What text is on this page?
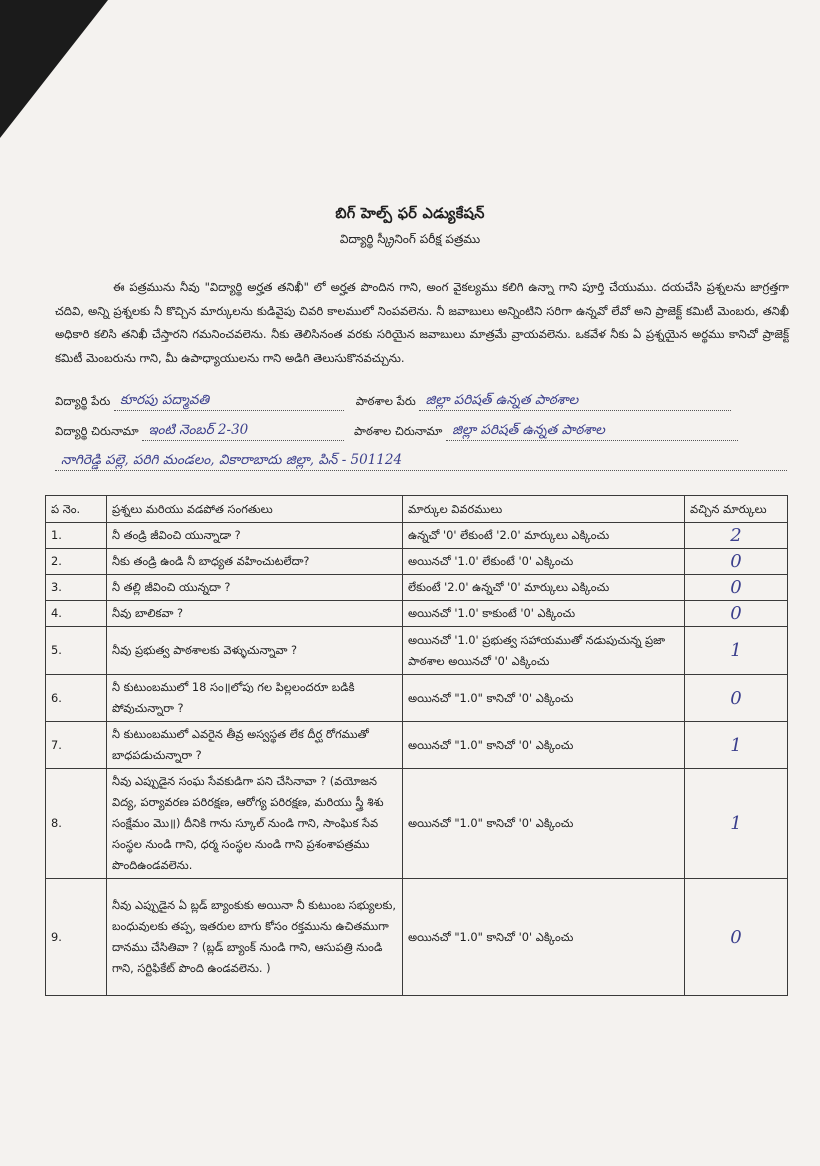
బిగ్ హెల్ప్ ఫర్ ఎడ్యుకేషన్
విద్యార్థి స్క్రీనింగ్ పరీక్ష పత్రము
ఈ పత్రమును నీవు "విద్యార్థి అర్హత తనిఖీ" లో అర్హత పొందిన గాని, అంగ వైకల్యము కలిగి ఉన్నా గాని పూర్తి చేయుము. దయచేసి ప్రశ్నలను జాగ్రత్తగా చదివి, అన్ని ప్రశ్నలకు నీ కొచ్చిన మార్కులను కుడివైపు చివరి కాలములో నింపవలెను. నీ జవాబులు అన్నింటిని సరిగా ఉన్నవో లేవో అని ప్రాజెక్ట్ కమిటీ మెంబరు, తనిఖీ అధికారి కలిసి తనిఖీ చేస్తారని గమనించవలెను. నీకు తెలిసినంత వరకు సరియైన జవాబులు మాత్రమే వ్రాయవలెను. ఒకవేళ నీకు ఏ ప్రశ్నయైన అర్థము కానిచో ప్రాజెక్ట్ కమిటీ మెంబరును గాని, మీ ఉపాధ్యాయులను గాని అడిగి తెలుసుకొనవచ్చును.
విద్యార్థి పేరు కూరపు పద్మావతి	పాఠశాల పేరు జిల్లా పరిషత్ ఉన్నత పాఠశాల
విద్యార్థి చిరునామా ఇంటి నెంబర్ 2-30	పాఠశాల చిరునామా జిల్లా పరిషత్ ఉన్నత పాఠశాల
నాగిరెడ్డి పల్లె, పరిగి మండలం, వికారాబాదు జిల్లా, పిన్ - 501124
ప నెం.	ప్రశ్నలు మరియు వడపోత సంగతులు	మార్కుల వివరములు	వచ్చిన మార్కులు
1.	నీ తండ్రి జీవించి యున్నాడా ?	ఉన్నచో '0' లేకుంటే '2.0' మార్కులు ఎక్కించు	2
2.	నీకు తండ్రి ఉండి నీ బాధ్యత వహించుటలేదా?	అయినచో '1.0' లేకుంటే '0' ఎక్కించు	0
3.	నీ తల్లి జీవించి యున్నదా ?	లేకుంటే '2.0' ఉన్నచో '0' మార్కులు ఎక్కించు	0
4.	నీవు బాలికవా ?	అయినచో '1.0' కాకుంటే '0' ఎక్కించు	0
5.	నీవు ప్రభుత్వ పాఠశాలకు వెళ్ళుచున్నావా ?	అయినచో '1.0' ప్రభుత్వ సహాయముతో నడుపుచున్న ప్రజా పాఠశాల అయినచో '0' ఎక్కించు	1
6.	నీ కుటుంబములో 18 సం॥లోపు గల పిల్లలందరూ బడికి పోవుచున్నారా ?	అయినచో "1.0" కానిచో '0' ఎక్కించు	0
7.	నీ కుటుంబములో ఎవరైన తీవ్ర అస్వస్థత లేక దీర్ఘ రోగముతో బాధపడుచున్నారా ?	అయినచో "1.0" కానిచో '0' ఎక్కించు	1
8.	నీవు ఎప్పుడైన సంఘ సేవకుడిగా పని చేసినావా ? (వయోజన విద్య, పర్యావరణ పరిరక్షణ, ఆరోగ్య పరిరక్షణ, మరియు స్త్రీ శిశు సంక్షేమం మొ॥) దీనికి గాను స్కూల్ నుండి గాని, సాంఘిక సేవ సంస్థల నుండి గాని, ధర్మ సంస్థల నుండి గాని ప్రశంశాపత్రము పొందిఉండవలెను.	అయినచో "1.0" కానిచో '0' ఎక్కించు	1
9.	నీవు ఎప్పుడైన ఏ బ్లడ్ బ్యాంకుకు అయినా నీ కుటుంబ సభ్యులకు, బంధువులకు తప్ప, ఇతరుల బాగు కోసం రక్తమును ఉచితముగా దానము చేసితివా ? (బ్లడ్ బ్యాంక్ నుండి గాని, ఆసుపత్రి నుండి గాని, సర్టిఫికేట్ పొంది ఉండవలెను. )	అయినచో "1.0" కానిచో '0' ఎక్కించు	0
